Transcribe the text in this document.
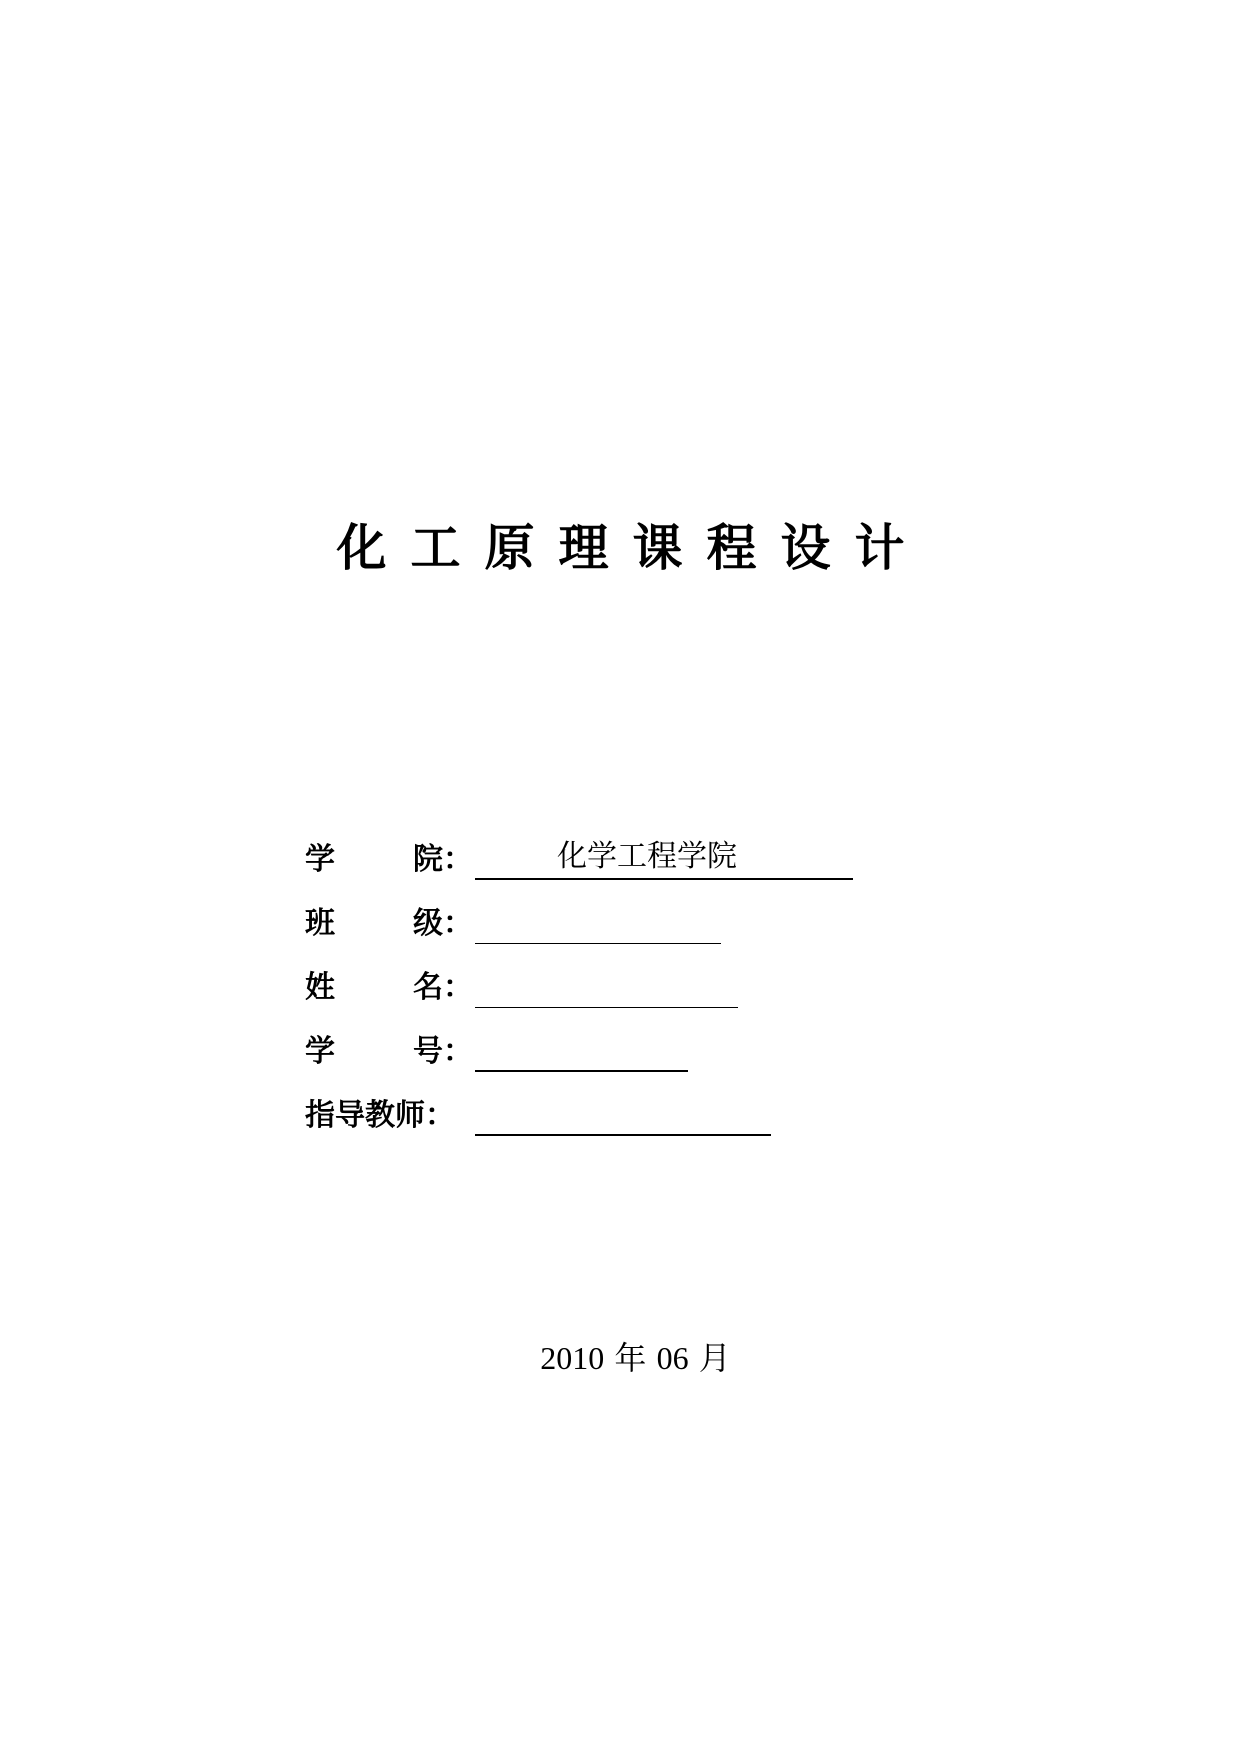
化 工 原 理 课 程 设 计
学	院：	化学工程学院
班	级：
姓	名：
学	号：
指导教师：
2010 年 06 月
